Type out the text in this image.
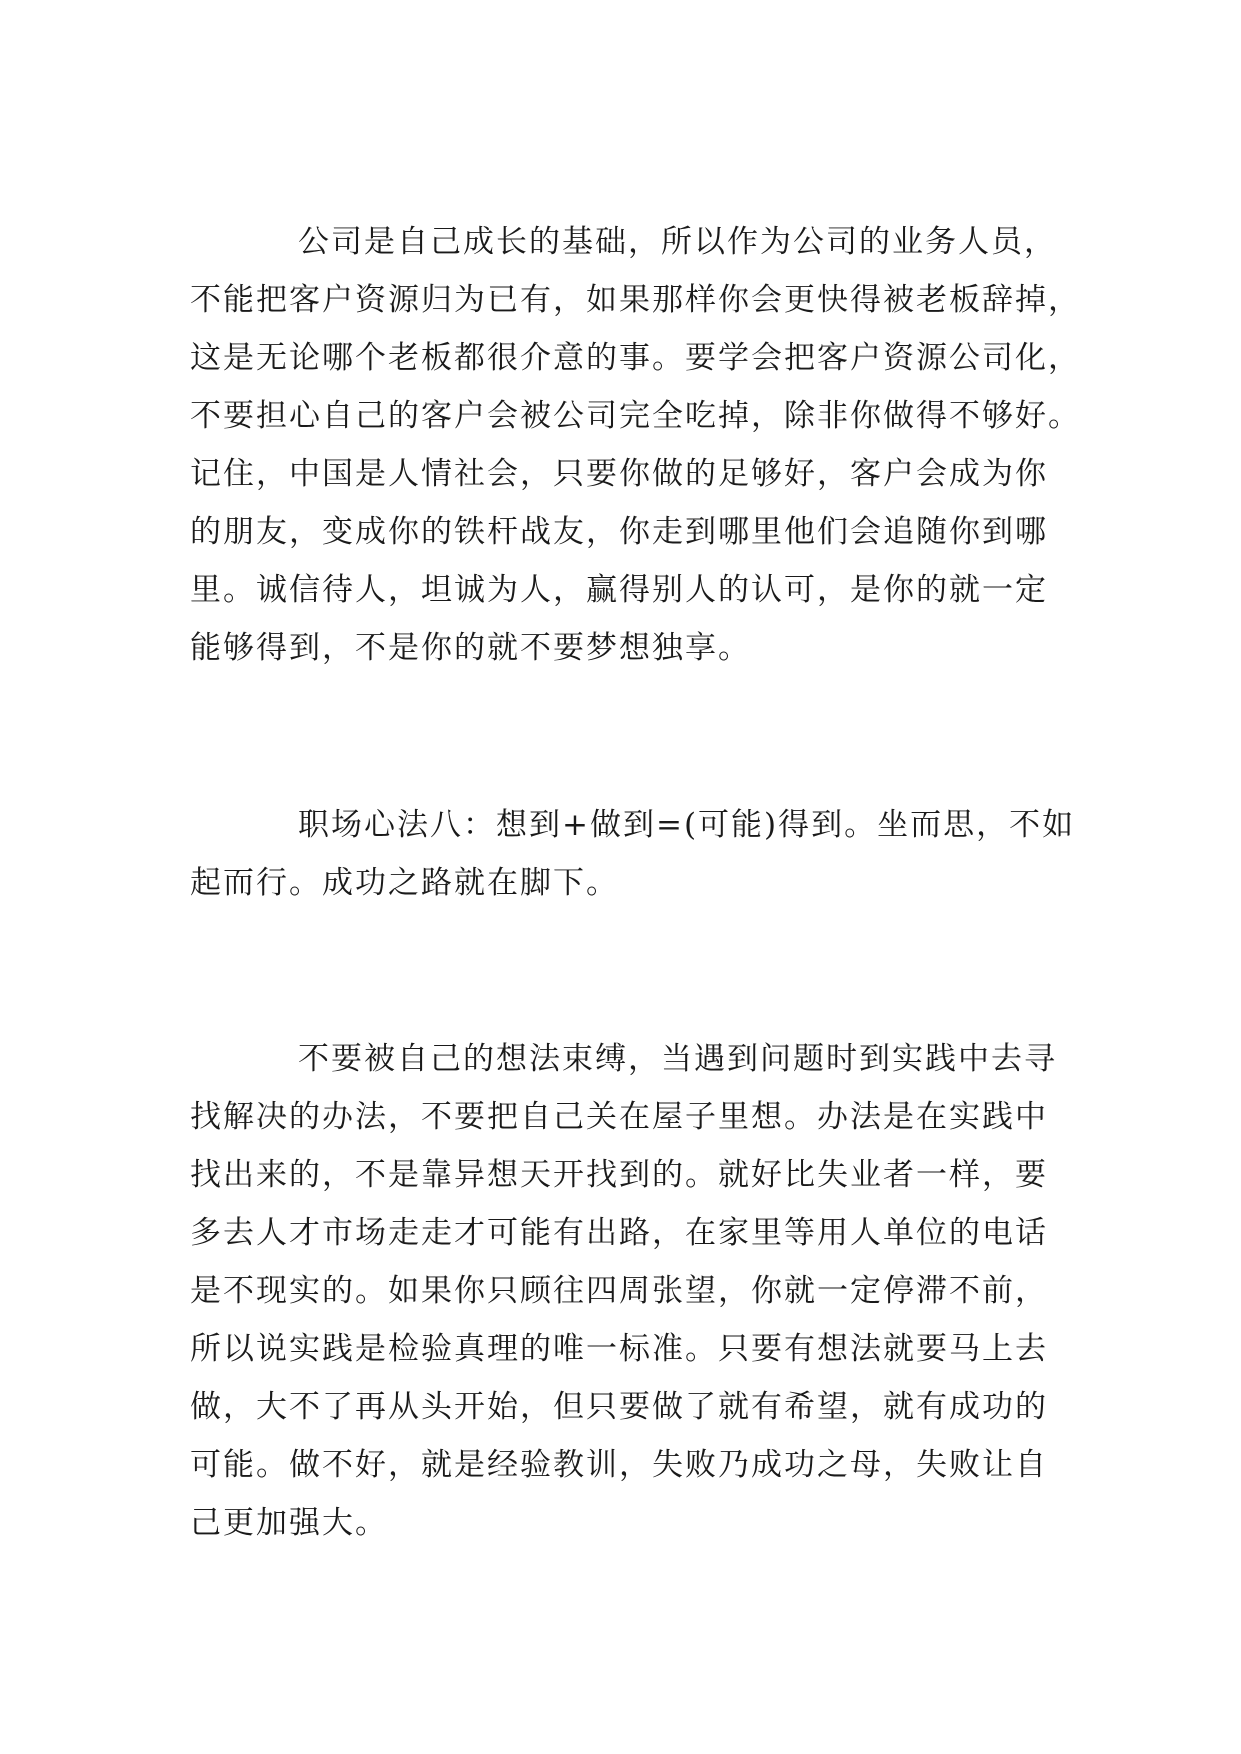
公司是自己成长的基础，所以作为公司的业务人员，
不能把客户资源归为已有，如果那样你会更快得被老板辞掉，
这是无论哪个老板都很介意的事。要学会把客户资源公司化，
不要担心自己的客户会被公司完全吃掉，除非你做得不够好。
记住，中国是人情社会，只要你做的足够好，客户会成为你
的朋友，变成你的铁杆战友，你走到哪里他们会追随你到哪
里。诚信待人，坦诚为人，赢得别人的认可，是你的就一定
能够得到，不是你的就不要梦想独享。

职场心法八：想到+做到=(可能)得到。坐而思，不如
起而行。成功之路就在脚下。

不要被自己的想法束缚，当遇到问题时到实践中去寻
找解决的办法，不要把自己关在屋子里想。办法是在实践中
找出来的，不是靠异想天开找到的。就好比失业者一样，要
多去人才市场走走才可能有出路，在家里等用人单位的电话
是不现实的。如果你只顾往四周张望，你就一定停滞不前，
所以说实践是检验真理的唯一标准。只要有想法就要马上去
做，大不了再从头开始，但只要做了就有希望，就有成功的
可能。做不好，就是经验教训，失败乃成功之母，失败让自
己更加强大。
